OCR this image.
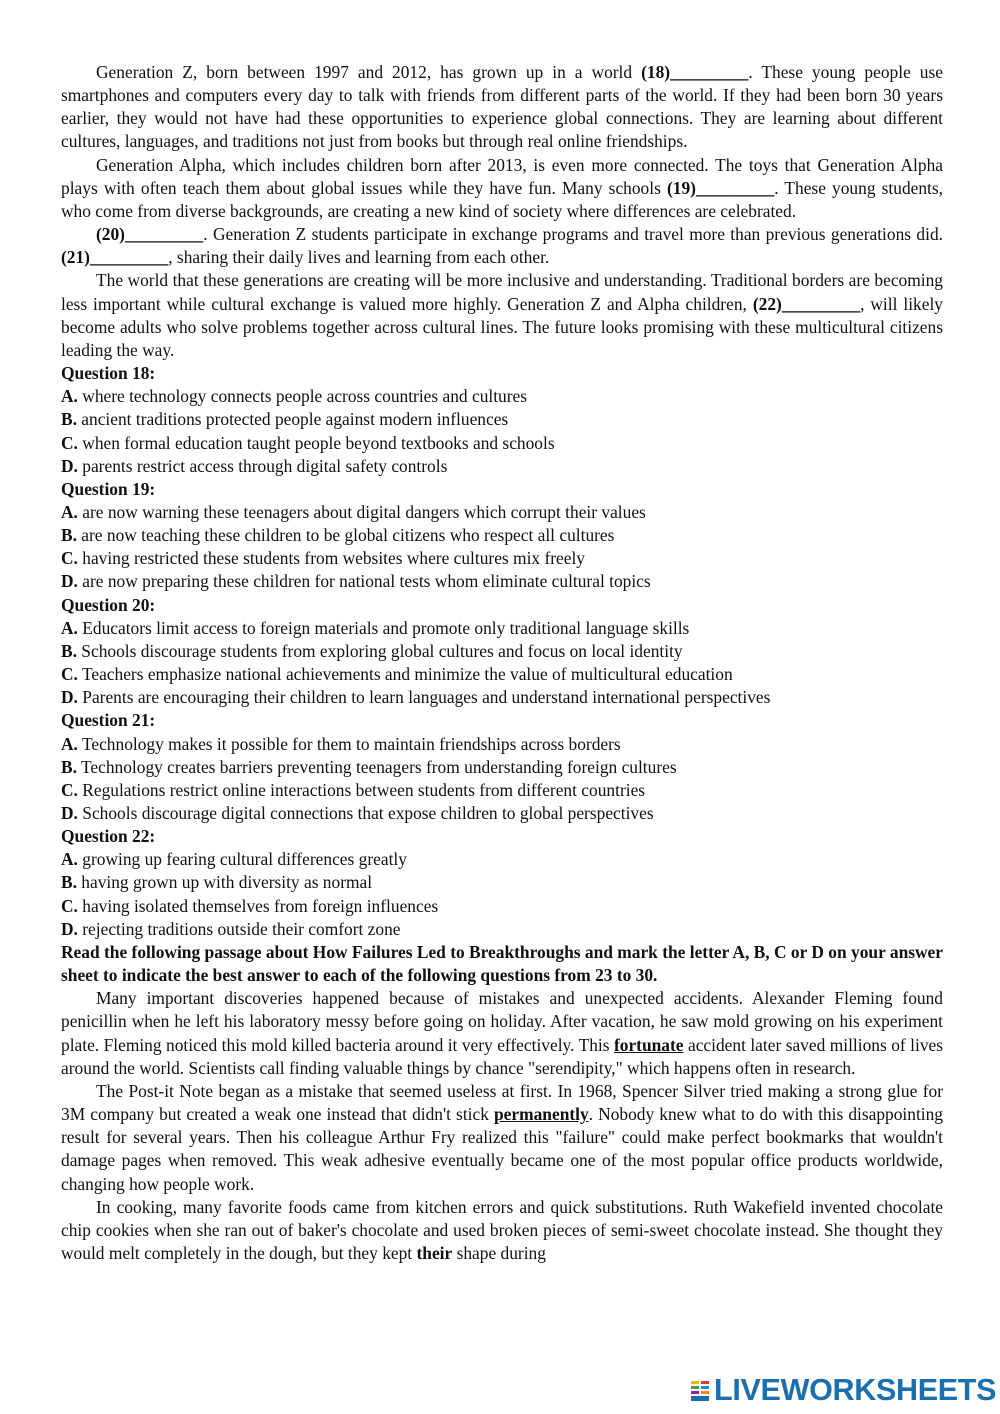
Generation Z, born between 1997 and 2012, has grown up in a world (18)_________. These young people use smartphones and computers every day to talk with friends from different parts of the world. If they had been born 30 years earlier, they would not have had these opportunities to experience global connections. They are learning about different cultures, languages, and traditions not just from books but through real online friendships.

Generation Alpha, which includes children born after 2013, is even more connected. The toys that Generation Alpha plays with often teach them about global issues while they have fun. Many schools (19)_________. These young students, who come from diverse backgrounds, are creating a new kind of society where differences are celebrated.

(20)_________. Generation Z students participate in exchange programs and travel more than previous generations did. (21)_________, sharing their daily lives and learning from each other.

The world that these generations are creating will be more inclusive and understanding. Traditional borders are becoming less important while cultural exchange is valued more highly. Generation Z and Alpha children, (22)_________, will likely become adults who solve problems together across cultural lines. The future looks promising with these multicultural citizens leading the way.

Question 18:

A. where technology connects people across countries and cultures

B. ancient traditions protected people against modern influences

C. when formal education taught people beyond textbooks and schools

D. parents restrict access through digital safety controls

Question 19:

A. are now warning these teenagers about digital dangers which corrupt their values

B. are now teaching these children to be global citizens who respect all cultures

C. having restricted these students from websites where cultures mix freely

D. are now preparing these children for national tests whom eliminate cultural topics

Question 20:

A. Educators limit access to foreign materials and promote only traditional language skills

B. Schools discourage students from exploring global cultures and focus on local identity

C. Teachers emphasize national achievements and minimize the value of multicultural education

D. Parents are encouraging their children to learn languages and understand international perspectives

Question 21:

A. Technology makes it possible for them to maintain friendships across borders

B. Technology creates barriers preventing teenagers from understanding foreign cultures

C. Regulations restrict online interactions between students from different countries

D. Schools discourage digital connections that expose children to global perspectives

Question 22:

A. growing up fearing cultural differences greatly

B. having grown up with diversity as normal

C. having isolated themselves from foreign influences

D. rejecting traditions outside their comfort zone

Read the following passage about How Failures Led to Breakthroughs and mark the letter A, B, C or D on your answer sheet to indicate the best answer to each of the following questions from 23 to 30.

Many important discoveries happened because of mistakes and unexpected accidents. Alexander Fleming found penicillin when he left his laboratory messy before going on holiday. After vacation, he saw mold growing on his experiment plate. Fleming noticed this mold killed bacteria around it very effectively. This fortunate accident later saved millions of lives around the world. Scientists call finding valuable things by chance "serendipity," which happens often in research.

The Post-it Note began as a mistake that seemed useless at first. In 1968, Spencer Silver tried making a strong glue for 3M company but created a weak one instead that didn't stick permanently. Nobody knew what to do with this disappointing result for several years. Then his colleague Arthur Fry realized this "failure" could make perfect bookmarks that wouldn't damage pages when removed. This weak adhesive eventually became one of the most popular office products worldwide, changing how people work.

In cooking, many favorite foods came from kitchen errors and quick substitutions. Ruth Wakefield invented chocolate chip cookies when she ran out of baker's chocolate and used broken pieces of semi-sweet chocolate instead. She thought they would melt completely in the dough, but they kept their shape during

LIVEWORKSHEETS
